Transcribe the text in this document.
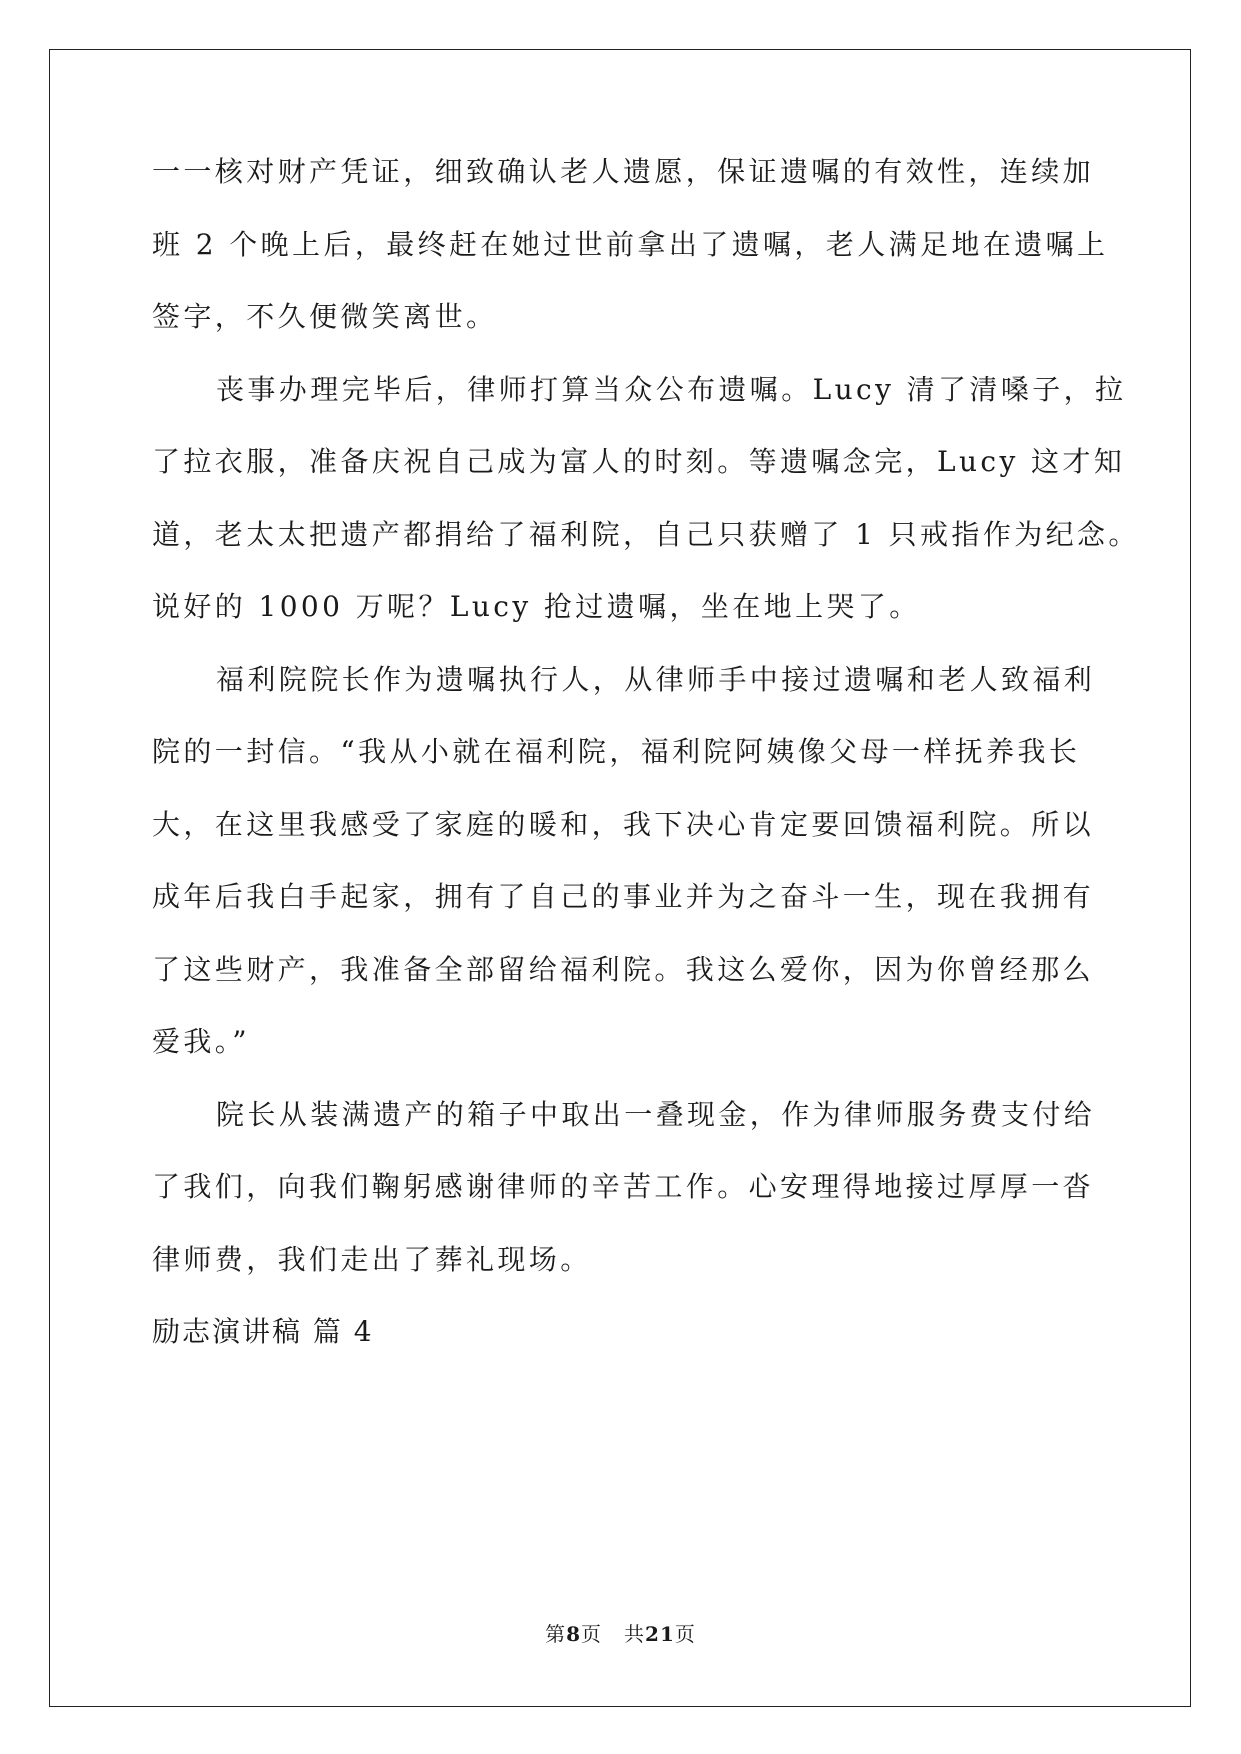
一一核对财产凭证，细致确认老人遗愿，保证遗嘱的有效性，连续加
班 2 个晚上后，最终赶在她过世前拿出了遗嘱，老人满足地在遗嘱上
签字，不久便微笑离世。
丧事办理完毕后，律师打算当众公布遗嘱。Lucy 清了清嗓子，拉
了拉衣服，准备庆祝自己成为富人的时刻。等遗嘱念完，Lucy 这才知
道，老太太把遗产都捐给了福利院，自己只获赠了 1 只戒指作为纪念。
说好的 1000 万呢？Lucy 抢过遗嘱，坐在地上哭了。
福利院院长作为遗嘱执行人，从律师手中接过遗嘱和老人致福利
院的一封信。“我从小就在福利院，福利院阿姨像父母一样抚养我长
大，在这里我感受了家庭的暖和，我下决心肯定要回馈福利院。所以
成年后我白手起家，拥有了自己的事业并为之奋斗一生，现在我拥有
了这些财产，我准备全部留给福利院。我这么爱你，因为你曾经那么
爱我。”
院长从装满遗产的箱子中取出一叠现金，作为律师服务费支付给
了我们，向我们鞠躬感谢律师的辛苦工作。心安理得地接过厚厚一沓
律师费，我们走出了葬礼现场。
励志演讲稿 篇 4
第8页 共21页
